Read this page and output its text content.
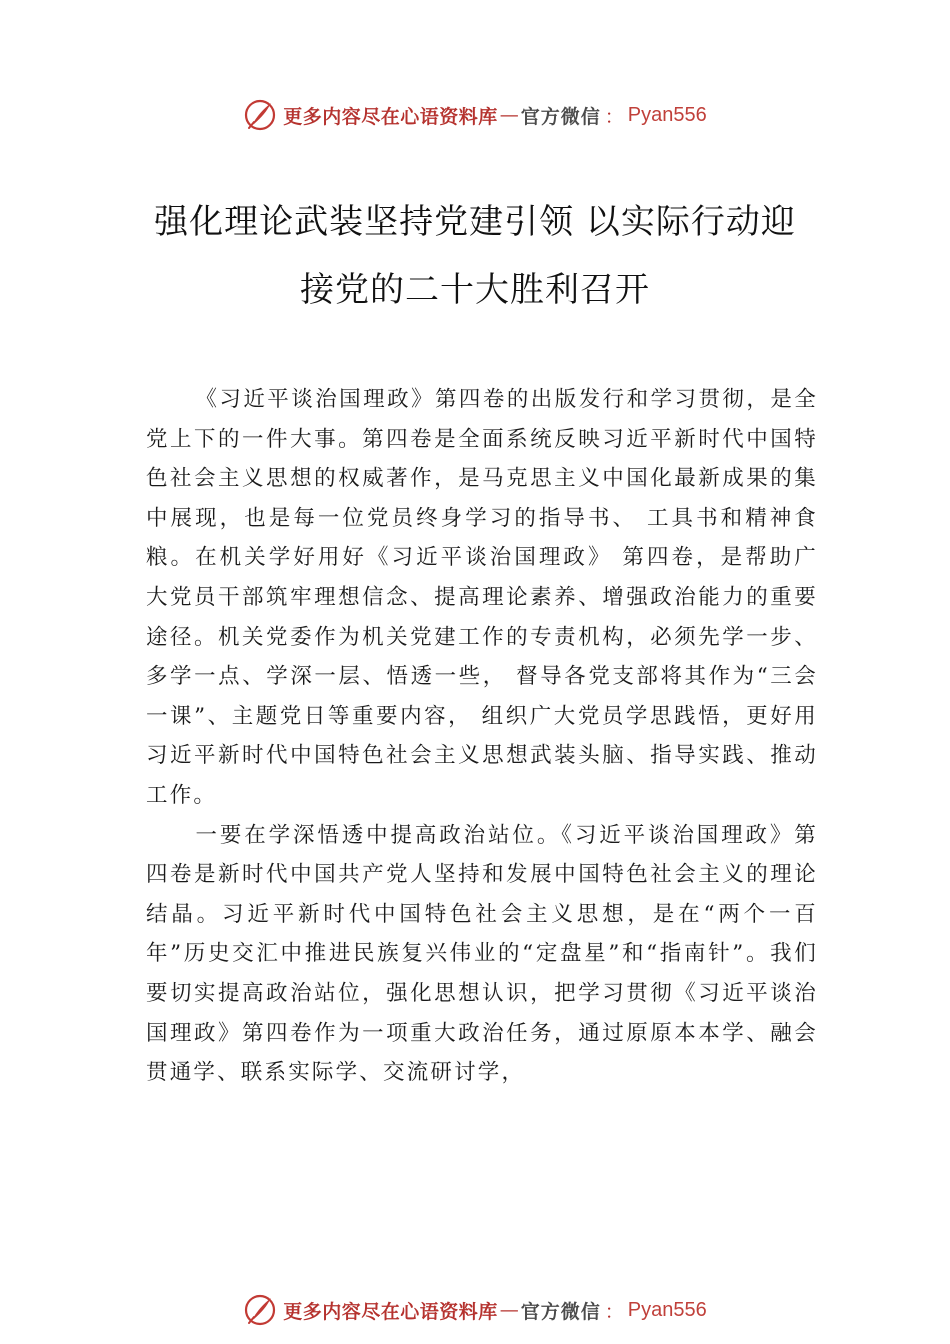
更多内容尽在心语资料库 — 官方微信 ： Pyan556
强化理论武装坚持党建引领 以实际行动迎
接党的二十大胜利召开

《习近平谈治国理政》第四卷的出版发行和学习贯彻，是全党上下的一件大事。第四卷是全面系统反映习近平新时代中国特色社会主义思想的权威著作，是马克思主义中国化最新成果的集中展现，也是每一位党员终身学习的指导书、 工具书和精神食粮。在机关学好用好《习近平谈治国理政》 第四卷，是帮助广大党员干部筑牢理想信念、提高理论素养、增强政治能力的重要途径。机关党委作为机关党建工作的专责机构，必须先学一步、多学一点、学深一层、悟透一些， 督导各党支部将其作为“三会一课”、主题党日等重要内容， 组织广大党员学思践悟，更好用习近平新时代中国特色社会主义思想武装头脑、指导实践、推动工作。

一要在学深悟透中提高政治站位。《习近平谈治国理政》第四卷是新时代中国共产党人坚持和发展中国特色社会主义的理论结晶。习近平新时代中国特色社会主义思想，是在“两个一百年”历史交汇中推进民族复兴伟业的“定盘星”和“指南针”。我们要切实提高政治站位，强化思想认识，把学习贯彻《习近平谈治国理政》第四卷作为一项重大政治任务，通过原原本本学、融会贯通学、联系实际学、交流研讨学，

更多内容尽在心语资料库 — 官方微信 ： Pyan556
